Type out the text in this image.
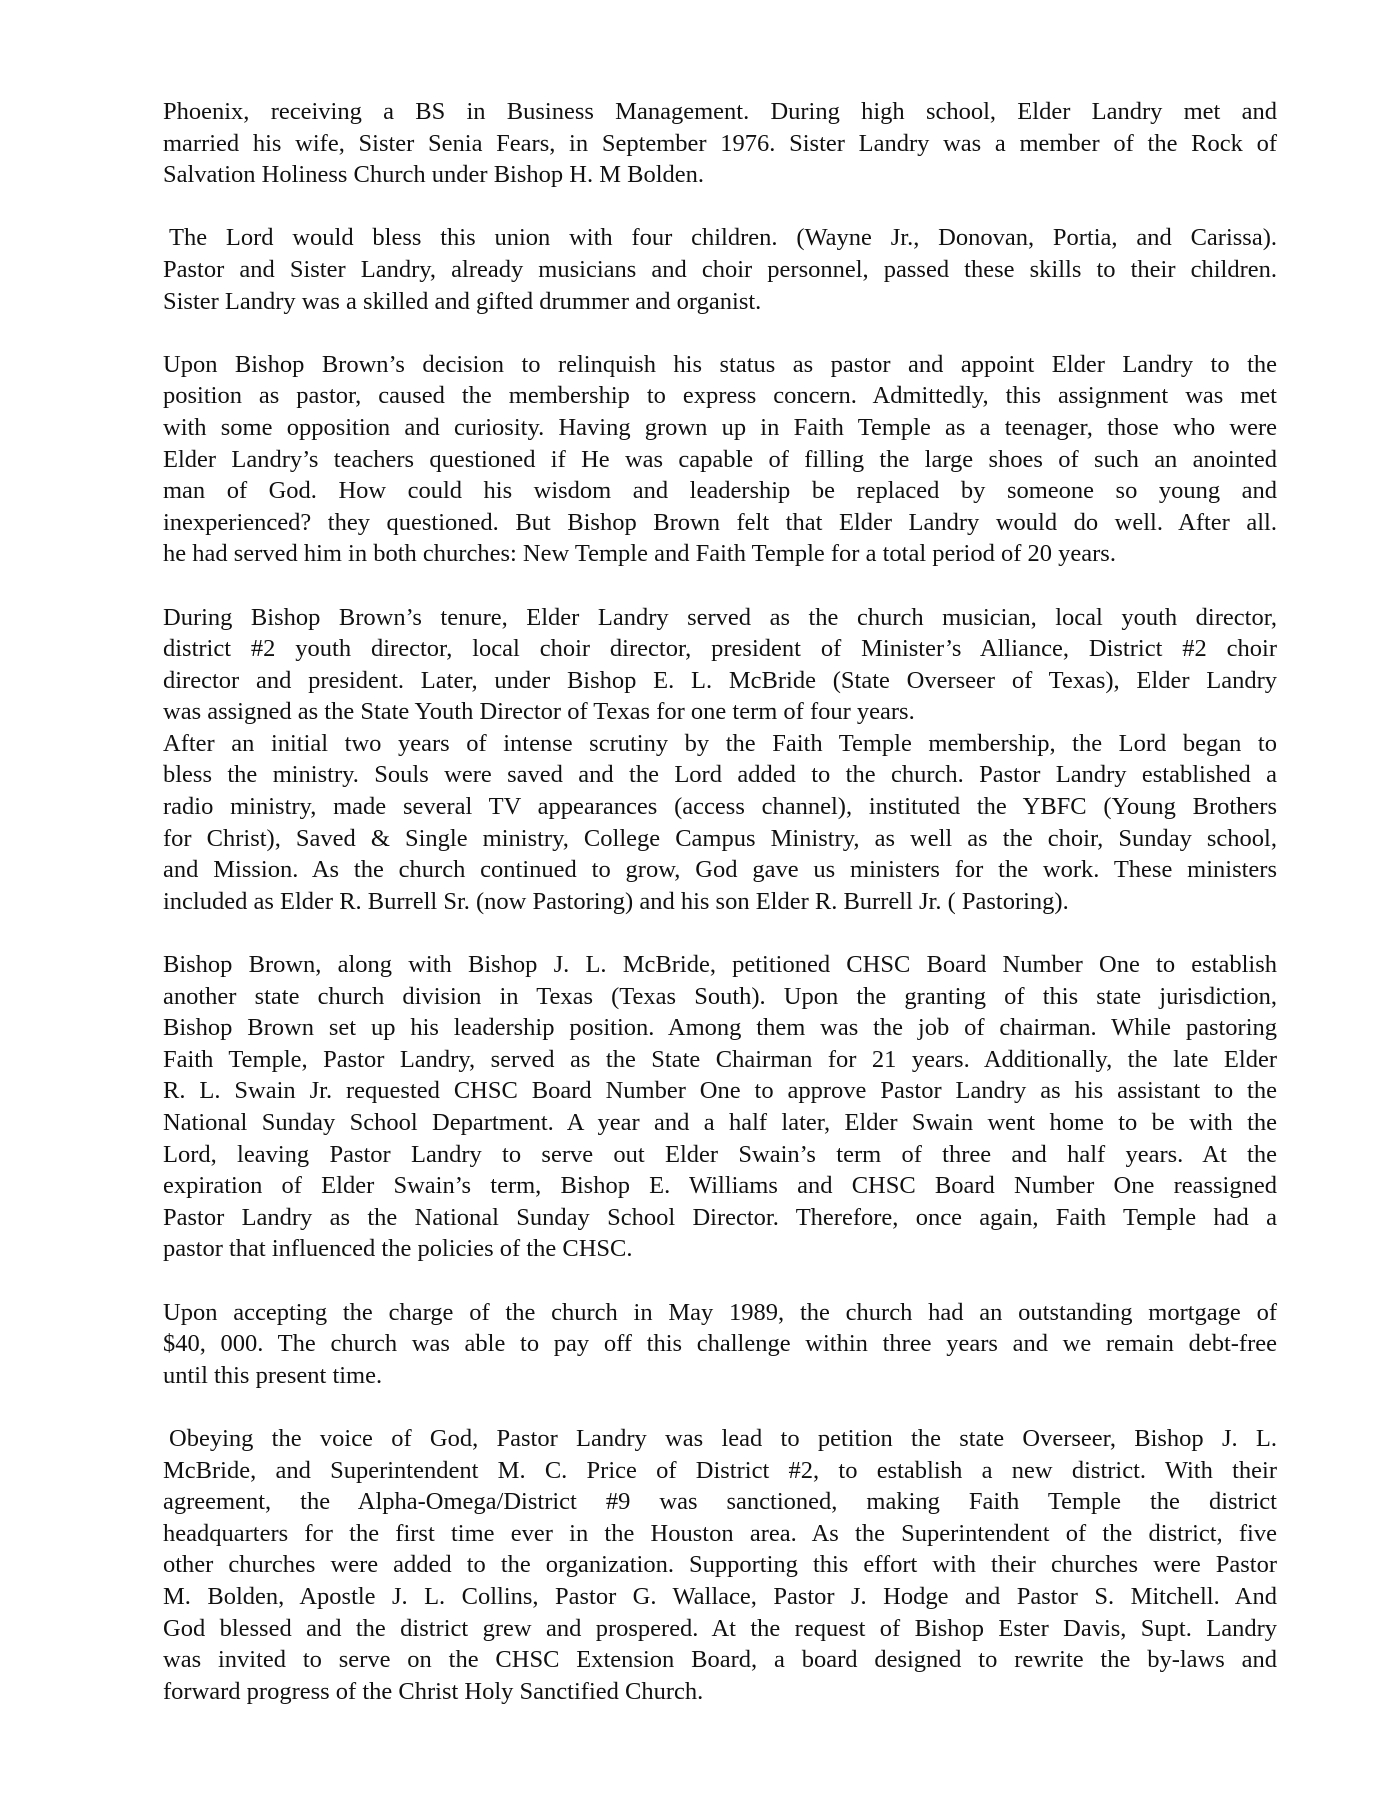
Phoenix, receiving a BS in Business Management. During high school, Elder Landry met and
married his wife, Sister Senia Fears, in September 1976. Sister Landry was a member of the Rock of
Salvation Holiness Church under Bishop H. M Bolden.
The Lord would bless this union with four children. (Wayne Jr., Donovan, Portia, and Carissa).
Pastor and Sister Landry, already musicians and choir personnel, passed these skills to their children.
Sister Landry was a skilled and gifted drummer and organist.
Upon Bishop Brown’s decision to relinquish his status as pastor and appoint Elder Landry to the
position as pastor, caused the membership to express concern. Admittedly, this assignment was met
with some opposition and curiosity. Having grown up in Faith Temple as a teenager, those who were
Elder Landry’s teachers questioned if He was capable of filling the large shoes of such an anointed
man of God. How could his wisdom and leadership be replaced by someone so young and
inexperienced? they questioned. But Bishop Brown felt that Elder Landry would do well. After all.
he had served him in both churches: New Temple and Faith Temple for a total period of 20 years.
During Bishop Brown’s tenure, Elder Landry served as the church musician, local youth director,
district #2 youth director, local choir director, president of Minister’s Alliance, District #2 choir
director and president. Later, under Bishop E. L. McBride (State Overseer of Texas), Elder Landry
was assigned as the State Youth Director of Texas for one term of four years.
After an initial two years of intense scrutiny by the Faith Temple membership, the Lord began to
bless the ministry. Souls were saved and the Lord added to the church. Pastor Landry established a
radio ministry, made several TV appearances (access channel), instituted the YBFC (Young Brothers
for Christ), Saved & Single ministry, College Campus Ministry, as well as the choir, Sunday school,
and Mission. As the church continued to grow, God gave us ministers for the work. These ministers
included as Elder R. Burrell Sr. (now Pastoring) and his son Elder R. Burrell Jr. ( Pastoring).
Bishop Brown, along with Bishop J. L. McBride, petitioned CHSC Board Number One to establish
another state church division in Texas (Texas South). Upon the granting of this state jurisdiction,
Bishop Brown set up his leadership position. Among them was the job of chairman. While pastoring
Faith Temple, Pastor Landry, served as the State Chairman for 21 years. Additionally, the late Elder
R. L. Swain Jr. requested CHSC Board Number One to approve Pastor Landry as his assistant to the
National Sunday School Department. A year and a half later, Elder Swain went home to be with the
Lord, leaving Pastor Landry to serve out Elder Swain’s term of three and half years. At the
expiration of Elder Swain’s term, Bishop E. Williams and CHSC Board Number One reassigned
Pastor Landry as the National Sunday School Director. Therefore, once again, Faith Temple had a
pastor that influenced the policies of the CHSC.
Upon accepting the charge of the church in May 1989, the church had an outstanding mortgage of
$40, 000. The church was able to pay off this challenge within three years and we remain debt-free
until this present time.
Obeying the voice of God, Pastor Landry was lead to petition the state Overseer, Bishop J. L.
McBride, and Superintendent M. C. Price of District #2, to establish a new district. With their
agreement, the Alpha-Omega/District #9 was sanctioned, making Faith Temple the district
headquarters for the first time ever in the Houston area. As the Superintendent of the district, five
other churches were added to the organization. Supporting this effort with their churches were Pastor
M. Bolden, Apostle J. L. Collins, Pastor G. Wallace, Pastor J. Hodge and Pastor S. Mitchell. And
God blessed and the district grew and prospered. At the request of Bishop Ester Davis, Supt. Landry
was invited to serve on the CHSC Extension Board, a board designed to rewrite the by-laws and
forward progress of the Christ Holy Sanctified Church.
